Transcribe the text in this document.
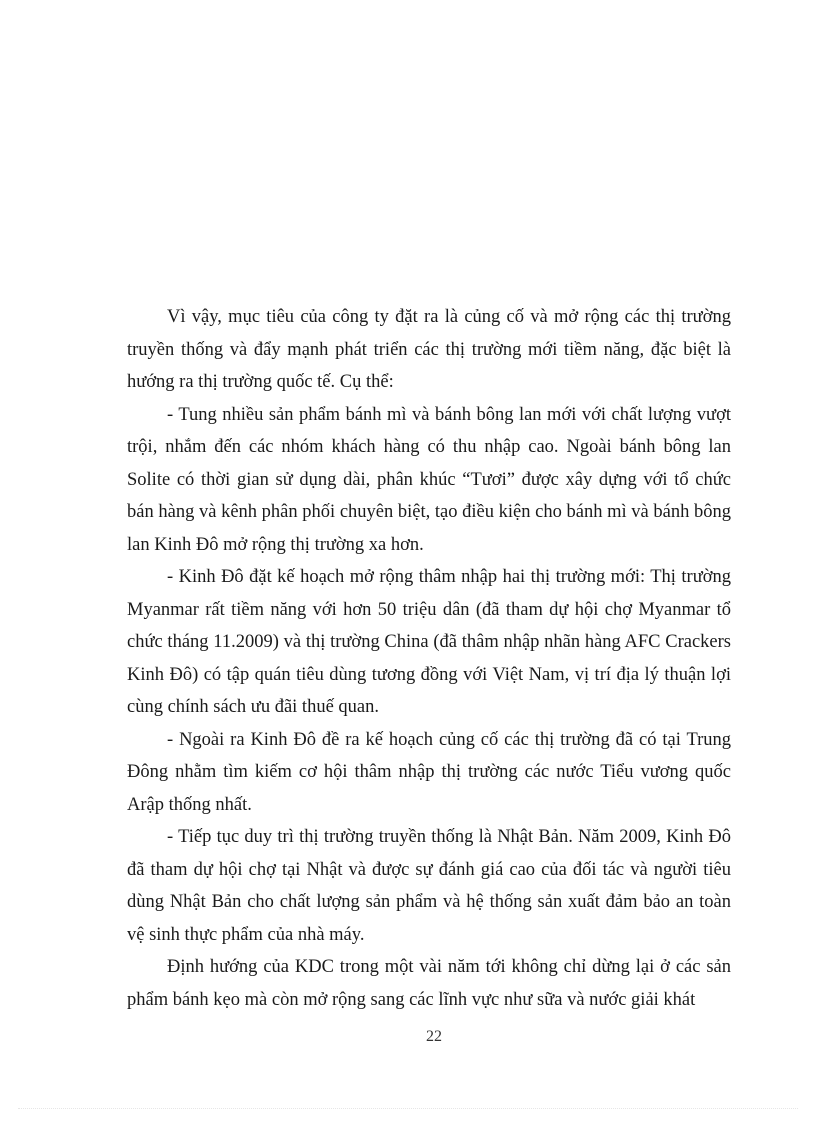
Vì vậy, mục tiêu của công ty đặt ra là củng cố và mở rộng các thị trường truyền thống và đẩy mạnh phát triển các thị trường mới tiềm năng, đặc biệt là hướng ra thị trường quốc tế. Cụ thể:

- Tung nhiều sản phẩm bánh mì và bánh bông lan mới với chất lượng vượt trội, nhắm đến các nhóm khách hàng có thu nhập cao. Ngoài bánh bông lan Solite có thời gian sử dụng dài, phân khúc “Tươi” được xây dựng với tổ chức bán hàng và kênh phân phối chuyên biệt, tạo điều kiện cho bánh mì và bánh bông lan Kinh Đô mở rộng thị trường xa hơn.

- Kinh Đô đặt kế hoạch mở rộng thâm nhập hai thị trường mới: Thị trường Myanmar rất tiềm năng với hơn 50 triệu dân (đã tham dự hội chợ Myanmar tổ chức tháng 11.2009) và thị trường China (đã thâm nhập nhãn hàng AFC Crackers Kinh Đô) có tập quán tiêu dùng tương đồng với Việt Nam, vị trí địa lý thuận lợi cùng chính sách ưu đãi thuế quan.

- Ngoài ra Kinh Đô đề ra kế hoạch củng cố các thị trường đã có tại Trung Đông nhằm tìm kiếm cơ hội thâm nhập thị trường các nước Tiểu vương quốc Arập thống nhất.

- Tiếp tục duy trì thị trường truyền thống là Nhật Bản. Năm 2009, Kinh Đô đã tham dự hội chợ tại Nhật và được sự đánh giá cao của đối tác và người tiêu dùng Nhật Bản cho chất lượng sản phẩm và hệ thống sản xuất đảm bảo an toàn vệ sinh thực phẩm của nhà máy.

Định hướng của KDC trong một vài năm tới không chỉ dừng lại ở các sản phẩm bánh kẹo mà còn mở rộng sang các lĩnh vực như sữa và nước giải khát

22
